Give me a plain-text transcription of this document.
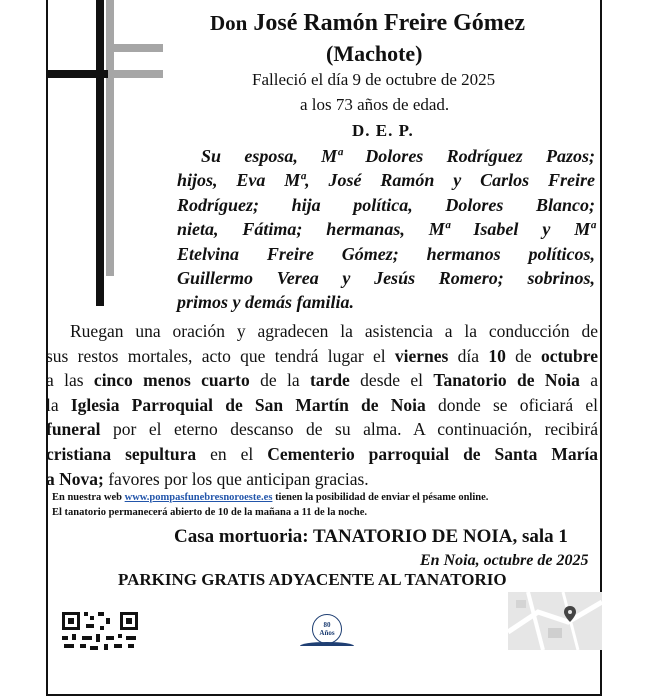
Don José Ramón Freire Gómez
(Machote)
Falleció el día 9 de octubre de 2025
a los 73 años de edad.
D. E. P.
Su esposa, Mª Dolores Rodríguez Pazos;
hijos, Eva Mª, José Ramón y Carlos Freire
Rodríguez; hija política, Dolores Blanco;
nieta, Fátima; hermanas, Mª Isabel y Mª
Etelvina Freire Gómez; hermanos políticos,
Guillermo Verea y Jesús Romero; sobrinos,
primos y demás familia.
Ruegan una oración y agradecen la asistencia a la conducción de
sus restos mortales, acto que tendrá lugar el viernes día 10 de octubre
a las cinco menos cuarto de la tarde desde el Tanatorio de Noia a
la Iglesia Parroquial de San Martín de Noia donde se oficiará el
funeral por el eterno descanso de su alma. A continuación, recibirá
cristiana sepultura en el Cementerio parroquial de Santa María
a Nova; favores por los que anticipan gracias.
En nuestra web www.pompasfunebresnoroeste.es tienen la posibilidad de enviar el pésame online.
El tanatorio permanecerá abierto de 10 de la mañana a 11 de la noche.
Casa mortuoria: TANATORIO DE NOIA, sala 1
En Noia, octubre de 2025
PARKING GRATIS ADYACENTE AL TANATORIO
80
Años
